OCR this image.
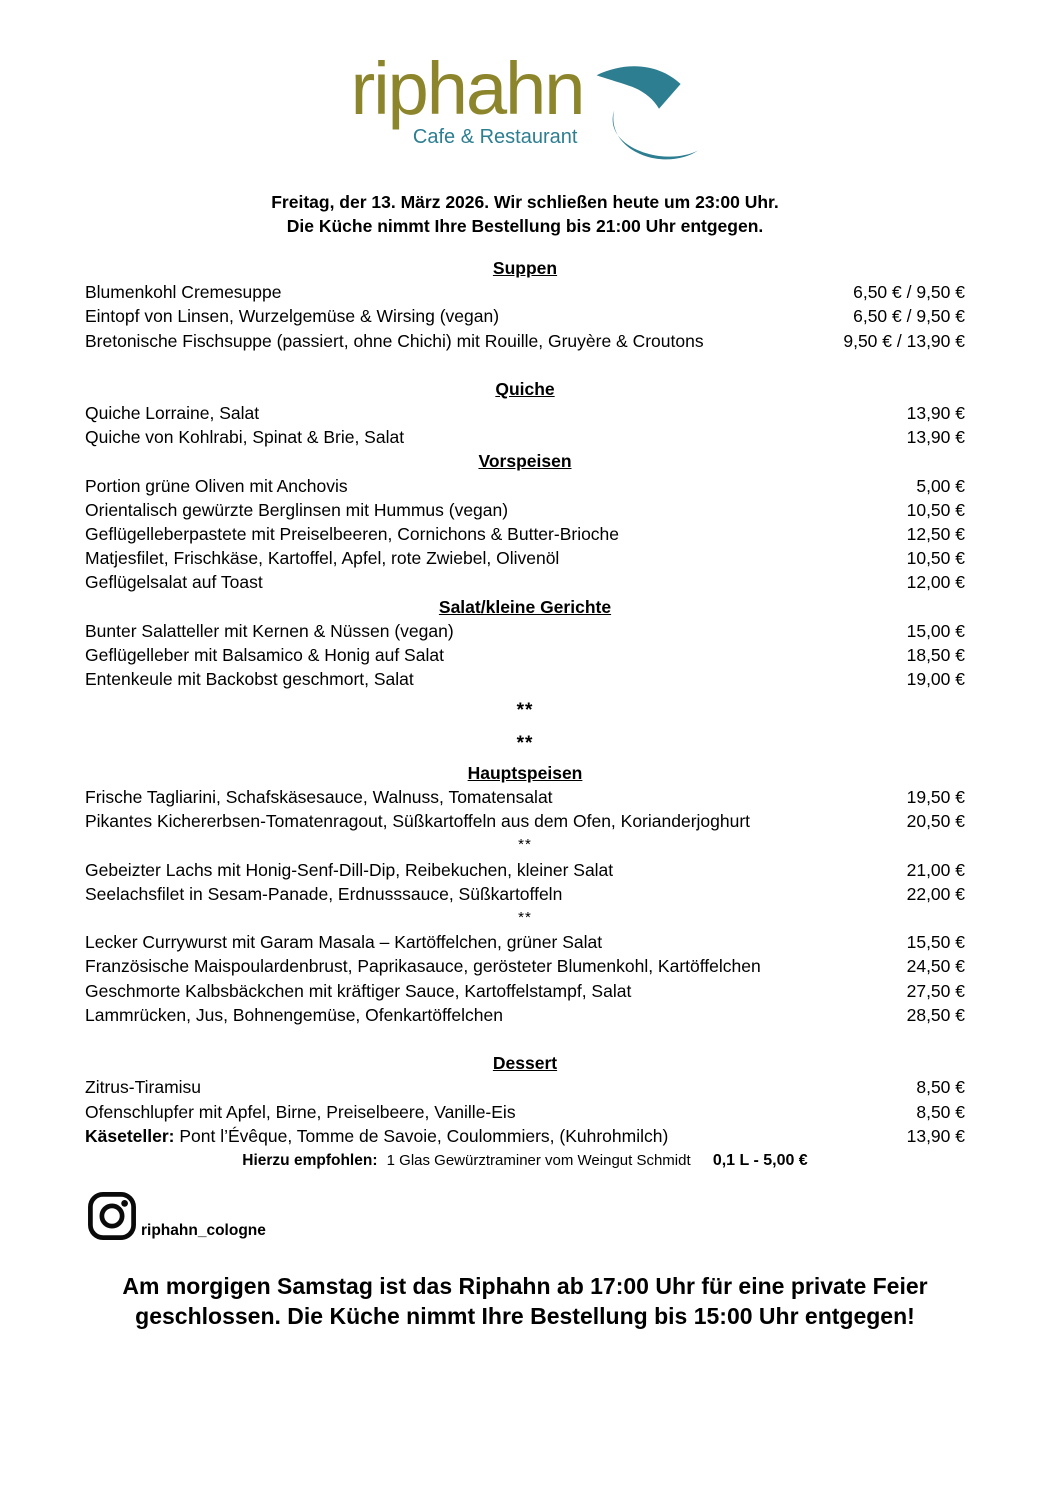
riphahn
Cafe & Restaurant
Freitag, der 13. März 2026. Wir schließen heute um 23:00 Uhr.
Die Küche nimmt Ihre Bestellung bis 21:00 Uhr entgegen.
Suppen
Blumenkohl Cremesuppe	6,50 € / 9,50 €
Eintopf von Linsen, Wurzelgemüse & Wirsing (vegan)	6,50 € / 9,50 €
Bretonische Fischsuppe (passiert, ohne Chichi) mit Rouille, Gruyère & Croutons	9,50 € / 13,90 €
Quiche
Quiche Lorraine, Salat	13,90 €
Quiche von Kohlrabi, Spinat & Brie, Salat	13,90 €
Vorspeisen
Portion grüne Oliven mit Anchovis	5,00 €
Orientalisch gewürzte Berglinsen mit Hummus (vegan)	10,50 €
Geflügelleberpastete mit Preiselbeeren, Cornichons & Butter-Brioche	12,50 €
Matjesfilet, Frischkäse, Kartoffel, Apfel, rote Zwiebel, Olivenöl	10,50 €
Geflügelsalat auf Toast	12,00 €
Salat/kleine Gerichte
Bunter Salatteller mit Kernen & Nüssen (vegan)	15,00 €
Geflügelleber mit Balsamico & Honig auf Salat	18,50 €
Entenkeule mit Backobst geschmort, Salat	19,00 €
**
**
Hauptspeisen
Frische Tagliarini, Schafskäsesauce, Walnuss, Tomatensalat	19,50 €
Pikantes Kichererbsen-Tomatenragout, Süßkartoffeln aus dem Ofen, Korianderjoghurt	20,50 €
**
Gebeizter Lachs mit Honig-Senf-Dill-Dip, Reibekuchen, kleiner Salat	21,00 €
Seelachsfilet in Sesam-Panade, Erdnusssauce, Süßkartoffeln	22,00 €
**
Lecker Currywurst mit Garam Masala – Kartöffelchen, grüner Salat	15,50 €
Französische Maispoulardenbrust, Paprikasauce, gerösteter Blumenkohl, Kartöffelchen	24,50 €
Geschmorte Kalbsbäckchen mit kräftiger Sauce, Kartoffelstampf, Salat	27,50 €
Lammrücken, Jus, Bohnengemüse, Ofenkartöffelchen	28,50 €
Dessert
Zitrus-Tiramisu	8,50 €
Ofenschlupfer mit Apfel, Birne, Preiselbeere, Vanille-Eis	8,50 €
Käseteller: Pont l’Évêque, Tomme de Savoie, Coulommiers, (Kuhrohmilch)	13,90 €
Hierzu empfohlen: 1 Glas Gewürztraminer vom Weingut Schmidt 0,1 L - 5,00 €
riphahn_cologne
Am morgigen Samstag ist das Riphahn ab 17:00 Uhr für eine private Feier
geschlossen. Die Küche nimmt Ihre Bestellung bis 15:00 Uhr entgegen!
